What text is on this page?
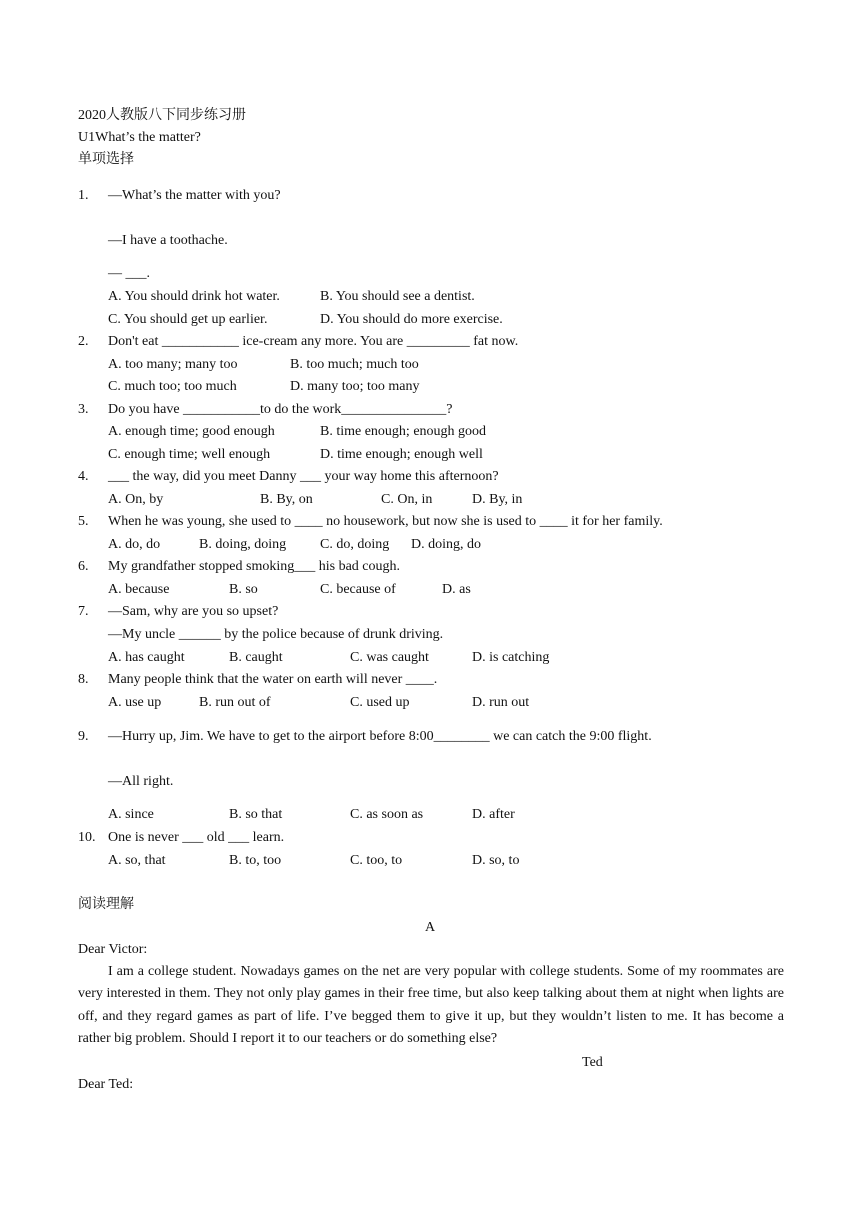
2020人教版八下同步练习册
U1What’s the matter?
单项选择
1.	—What’s the matter with you?
—I have a toothache.
— ___.
A. You should drink hot water.	B. You should see a dentist.
C. You should get up earlier.	D. You should do more exercise.
2.	Don't eat ___________ ice-cream any more. You are _________ fat now.
A. too many; many too	B. too much; much too
C. much too; too much	D. many too; too many
3.	Do you have ___________to do the work_______________?
A. enough time; good enough	B. time enough; enough good
C. enough time; well enough	D. time enough; enough well
4.	___ the way, did you meet Danny ___ your way home this afternoon?
A. On, by	B. By, on	C. On, in	D. By, in
5.	When he was young, she used to ____ no housework, but now she is used to ____ it for her family.
A. do, do	B. doing, doing C. do, doing D. doing, do
6.	My grandfather stopped smoking___ his bad cough.
A. because	B. so	C. because of	D. as
7.	—Sam, why are you so upset?
—My uncle ______ by the police because of drunk driving.
A. has caught	B. caught	C. was caught	D. is catching
8.	Many people think that the water on earth will never ____.
A. use up	B. run out of	C. used up	D. run out
9.	—Hurry up, Jim. We have to get to the airport before 8:00________ we can catch the 9:00 flight.
—All right.
A. since	B. so that	C. as soon as	D. after
10. One is never ___ old ___ learn.
A. so, that	B. to, too	C. too, to	D. so, to
阅读理解
A
Dear Victor:
I am a college student. Nowadays games on the net are very popular with college students. Some of my roommates are very interested in them. They not only play games in their free time, but also keep talking about them at night when lights are off, and they regard games as part of life. I’ve begged them to give it up, but they wouldn’t listen to me. It has become a rather big problem. Should I report it to our teachers or do something else?
Ted
Dear Ted:
